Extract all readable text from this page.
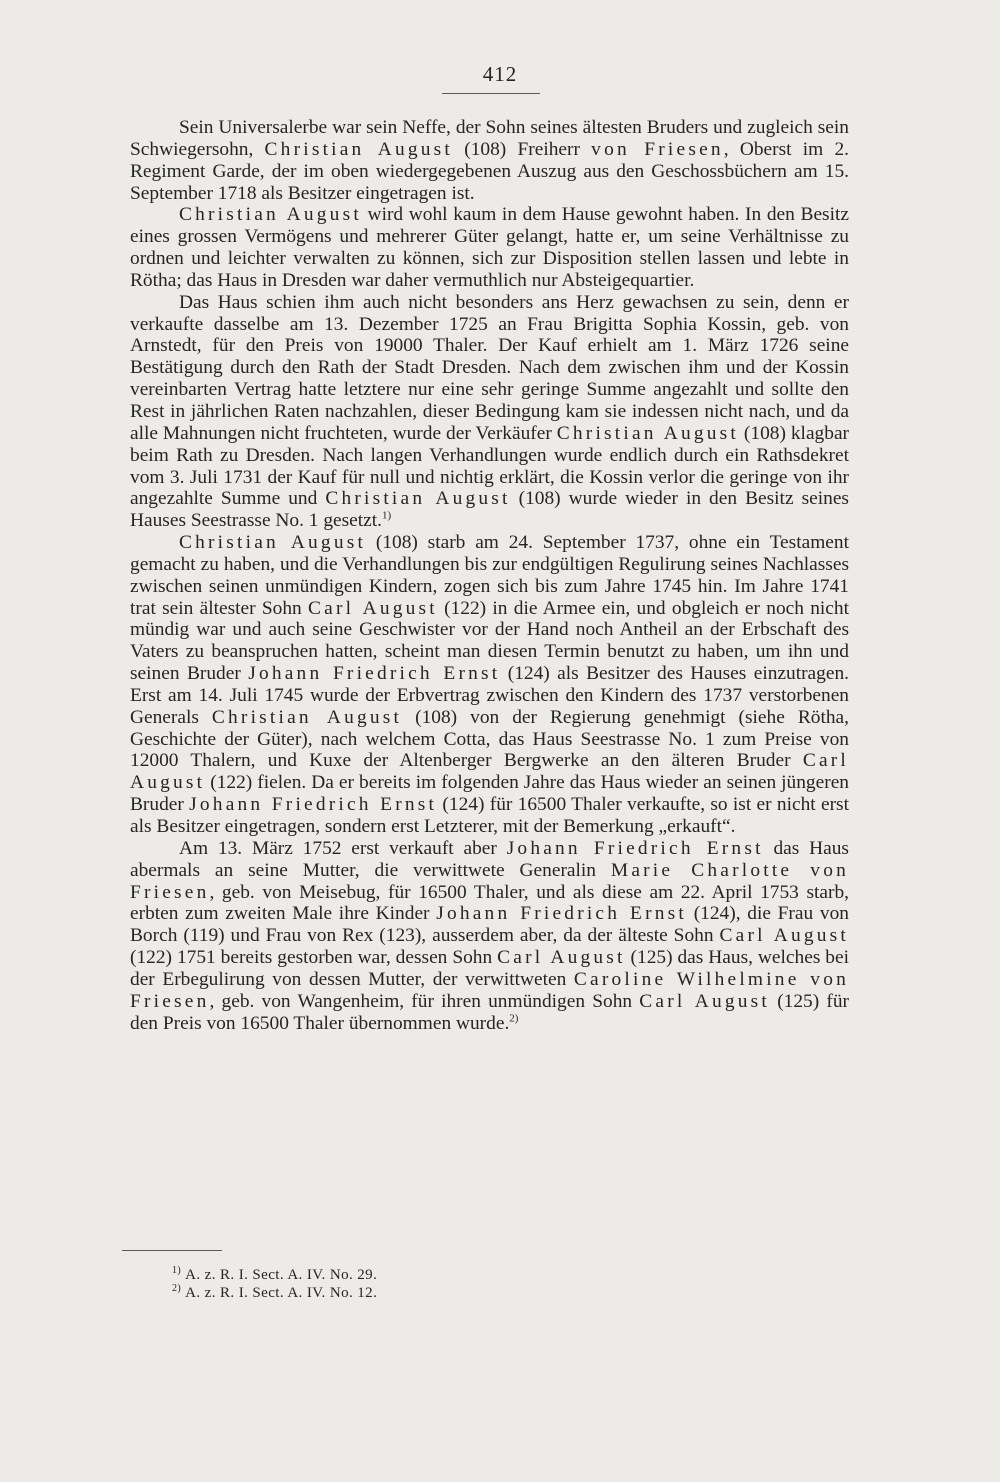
412

Sein Universalerbe war sein Neffe, der Sohn seines ältesten Bruders und zugleich sein Schwiegersohn, Christian August (108) Freiherr von Friesen, Oberst im 2. Regiment Garde, der im oben wiedergegebenen Auszug aus den Geschossbüchern am 15. September 1718 als Besitzer eingetragen ist.

Christian August wird wohl kaum in dem Hause gewohnt haben. In den Besitz eines grossen Vermögens und mehrerer Güter gelangt, hatte er, um seine Verhältnisse zu ordnen und leichter verwalten zu können, sich zur Disposition stellen lassen und lebte in Rötha; das Haus in Dresden war daher vermuthlich nur Absteigequartier.

Das Haus schien ihm auch nicht besonders ans Herz gewachsen zu sein, denn er verkaufte dasselbe am 13. Dezember 1725 an Frau Brigitta Sophia Kossin, geb. von Arnstedt, für den Preis von 19000 Thaler. Der Kauf erhielt am 1. März 1726 seine Bestätigung durch den Rath der Stadt Dresden. Nach dem zwischen ihm und der Kossin vereinbarten Vertrag hatte letztere nur eine sehr geringe Summe angezahlt und sollte den Rest in jährlichen Raten nachzahlen, dieser Bedingung kam sie indessen nicht nach, und da alle Mahnungen nicht fruchteten, wurde der Verkäufer Christian August (108) klagbar beim Rath zu Dresden. Nach langen Verhandlungen wurde endlich durch ein Rathsdekret vom 3. Juli 1731 der Kauf für null und nichtig erklärt, die Kossin verlor die geringe von ihr angezahlte Summe und Christian August (108) wurde wieder in den Besitz seines Hauses Seestrasse No. 1 gesetzt.$^{1)}$

Christian August (108) starb am 24. September 1737, ohne ein Testament gemacht zu haben, und die Verhandlungen bis zur endgültigen Regulirung seines Nachlasses zwischen seinen unmündigen Kindern, zogen sich bis zum Jahre 1745 hin. Im Jahre 1741 trat sein ältester Sohn Carl August (122) in die Armee ein, und obgleich er noch nicht mündig war und auch seine Geschwister vor der Hand noch Antheil an der Erbschaft des Vaters zu beanspruchen hatten, scheint man diesen Termin benutzt zu haben, um ihn und seinen Bruder Johann Friedrich Ernst (124) als Besitzer des Hauses einzutragen. Erst am 14. Juli 1745 wurde der Erbvertrag zwischen den Kindern des 1737 verstorbenen Generals Christian August (108) von der Regierung genehmigt (siehe Rötha, Geschichte der Güter), nach welchem Cotta, das Haus Seestrasse No. 1 zum Preise von 12000 Thalern, und Kuxe der Altenberger Bergwerke an den älteren Bruder Carl August (122) fielen. Da er bereits im folgenden Jahre das Haus wieder an seinen jüngeren Bruder Johann Friedrich Ernst (124) für 16500 Thaler verkaufte, so ist er nicht erst als Besitzer eingetragen, sondern erst Letzterer, mit der Bemerkung „erkauft“.

Am 13. März 1752 erst verkauft aber Johann Friedrich Ernst das Haus abermals an seine Mutter, die verwittwete Generalin Marie Charlotte von Friesen, geb. von Meisebug, für 16500 Thaler, und als diese am 22. April 1753 starb, erbten zum zweiten Male ihre Kinder Johann Friedrich Ernst (124), die Frau von Borch (119) und Frau von Rex (123), ausserdem aber, da der älteste Sohn Carl August (122) 1751 bereits gestorben war, dessen Sohn Carl August (125) das Haus, welches bei der Erbegulirung von dessen Mutter, der verwittweten Caroline Wilhelmine von Friesen, geb. von Wangenheim, für ihren unmündigen Sohn Carl August (125) für den Preis von 16500 Thaler übernommen wurde.$^{2)}$

$^{1)}$ A. z. R. I. Sect. A. IV. No. 29.
$^{2)}$ A. z. R. I. Sect. A. IV. No. 12.
